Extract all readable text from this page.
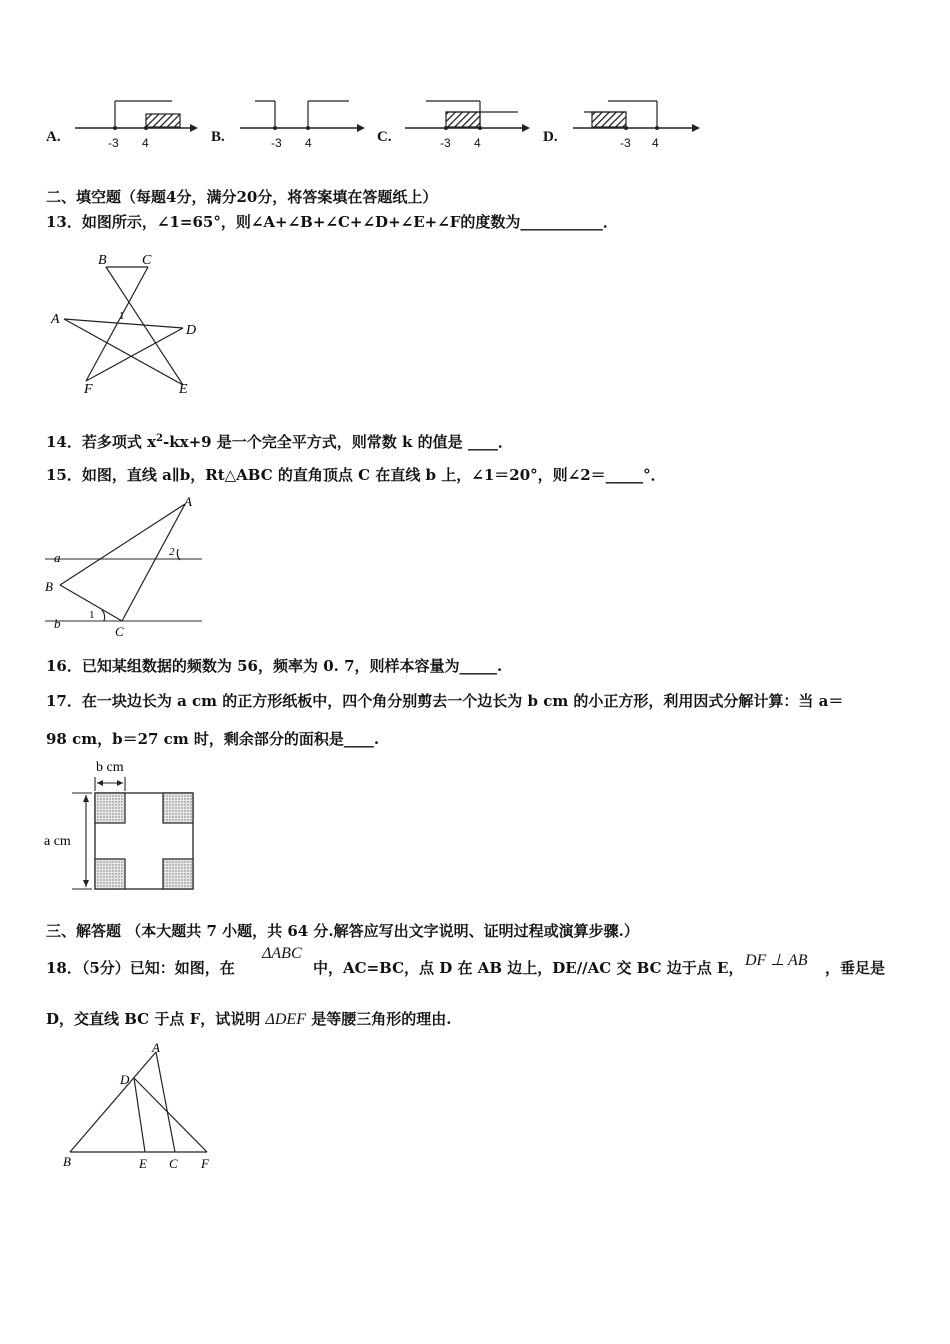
A.	-3 4	B.	-3 4	C.	-3 4	D.	-3 4
二、填空题（每题4分，满分20分，将答案填在答题纸上）
13．如图所示，∠1=65°，则∠A+∠B+∠C+∠D+∠E+∠F的度数为___________．
B	C
A
D
F	E
1
14．若多项式 $x^2-kx+9$ 是一个完全平方式，则常数 k 的值是 ____．
15．如图，直线 a∥b，Rt△ABC 的直角顶点 C 在直线 b 上，∠1＝20°，则∠2＝_____°．
A
a	2
B
b
1
C
16．已知某组数据的频数为 56，频率为 0. 7，则样本容量为_____.
17．在一块边长为 a cm 的正方形纸板中，四个角分别剪去一个边长为 b cm 的小正方形，利用因式分解计算：当 a＝
98 cm，b＝27 cm 时，剩余部分的面积是____.
b cm
a cm
三、解答题 （本大题共 7 小题，共 64 分.解答应写出文字说明、证明过程或演算步骤.）
18．（5分）已知：如图，在
ΔABC
中，AC=BC，点 D 在 AB 边上，DE//AC 交 BC 边于点 E， DF ⊥ AB ，垂足是
D，交直线 BC 于点 F，试说明 ΔDEF 是等腰三角形的理由.
A
D
B	E C F
